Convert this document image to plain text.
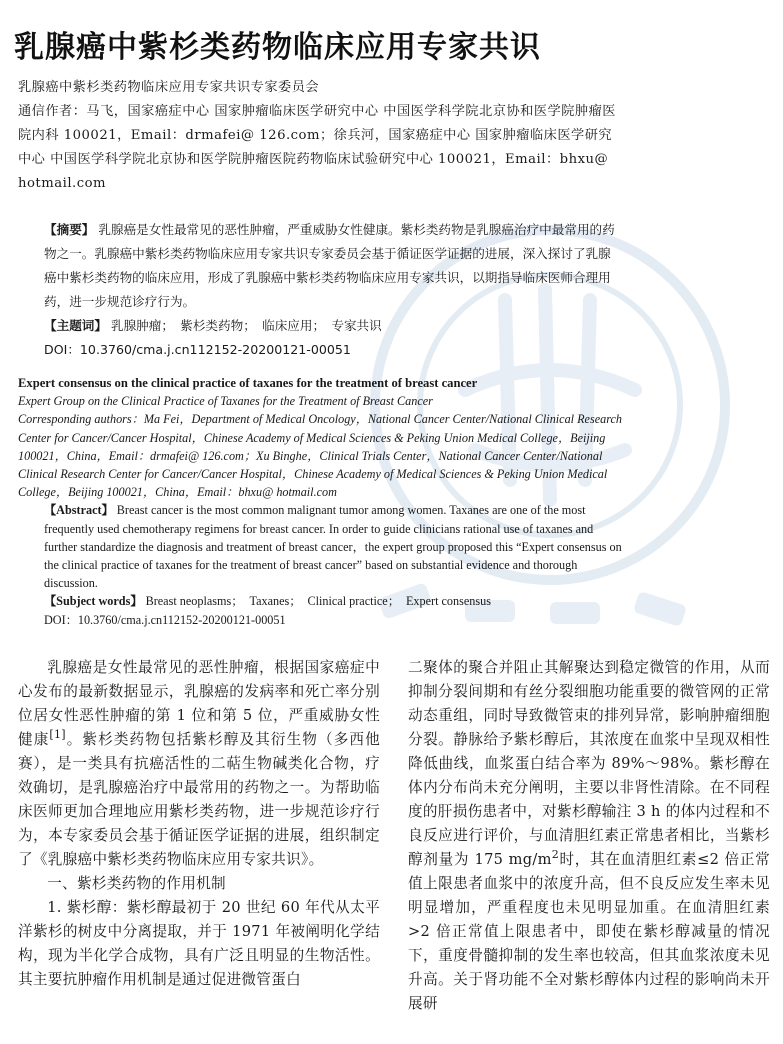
乳腺癌中紫杉类药物临床应用专家共识

乳腺癌中紫杉类药物临床应用专家共识专家委员会

通信作者：马飞，国家癌症中心 国家肿瘤临床医学研究中心 中国医学科学院北京协和医学院肿瘤医院内科 100021，Email：drmafei@ 126.com；徐兵河，国家癌症中心 国家肿瘤临床医学研究中心 中国医学科学院北京协和医学院肿瘤医院药物临床试验研究中心 100021，Email：bhxu@ hotmail.com

【摘要】 乳腺癌是女性最常见的恶性肿瘤，严重威胁女性健康。紫杉类药物是乳腺癌治疗中最常用的药物之一。乳腺癌中紫杉类药物临床应用专家共识专家委员会基于循证医学证据的进展，深入探讨了乳腺癌中紫杉类药物的临床应用，形成了乳腺癌中紫杉类药物临床应用专家共识，以期指导临床医师合理用药，进一步规范诊疗行为。

【主题词】 乳腺肿瘤；　紫杉类药物；　临床应用；　专家共识

DOI：10.3760/cma.j.cn112152-20200121-00051

Expert consensus on the clinical practice of taxanes for the treatment of breast cancer

Expert Group on the Clinical Practice of Taxanes for the Treatment of Breast Cancer

Corresponding authors：Ma Fei，Department of Medical Oncology，National Cancer Center/National Clinical Research Center for Cancer/Cancer Hospital，Chinese Academy of Medical Sciences & Peking Union Medical College，Beijing 100021，China，Email：drmafei@ 126.com；Xu Binghe，Clinical Trials Center，National Cancer Center/National Clinical Research Center for Cancer/Cancer Hospital，Chinese Academy of Medical Sciences & Peking Union Medical College，Beijing 100021，China，Email：bhxu@ hotmail.com

【Abstract】 Breast cancer is the most common malignant tumor among women. Taxanes are one of the most frequently used chemotherapy regimens for breast cancer. In order to guide clinicians rational use of taxanes and further standardize the diagnosis and treatment of breast cancer，the expert group proposed this “Expert consensus on the clinical practice of taxanes for the treatment of breast cancer” based on substantial evidence and thorough discussion.

【Subject words】 Breast neoplasms；　Taxanes；　Clinical practice；　Expert consensus

DOI：10.3760/cma.j.cn112152-20200121-00051

乳腺癌是女性最常见的恶性肿瘤，根据国家癌症中心发布的最新数据显示，乳腺癌的发病率和死亡率分别位居女性恶性肿瘤的第 1 位和第 5 位，严重威胁女性健康[1]。紫杉类药物包括紫杉醇及其衍生物（多西他赛），是一类具有抗癌活性的二萜生物碱类化合物，疗效确切，是乳腺癌治疗中最常用的药物之一。为帮助临床医师更加合理地应用紫杉类药物，进一步规范诊疗行为，本专家委员会基于循证医学证据的进展，组织制定了《乳腺癌中紫杉类药物临床应用专家共识》。

一、紫杉类药物的作用机制

1. 紫杉醇：紫杉醇最初于 20 世纪 60 年代从太平洋紫杉的树皮中分离提取，并于 1971 年被阐明化学结构，现为半化学合成物，具有广泛且明显的生物活性。其主要抗肿瘤作用机制是通过促进微管蛋白

二聚体的聚合并阻止其解聚达到稳定微管的作用，从而抑制分裂间期和有丝分裂细胞功能重要的微管网的正常动态重组，同时导致微管束的排列异常，影响肿瘤细胞分裂。静脉给予紫杉醇后，其浓度在血浆中呈现双相性降低曲线，血浆蛋白结合率为 89%～98%。紫杉醇在体内分布尚未充分阐明，主要以非肾性清除。在不同程度的肝损伤患者中，对紫杉醇输注 3 h 的体内过程和不良反应进行评价，与血清胆红素正常患者相比，当紫杉醇剂量为 175 $mg/m^2$时，其在血清胆红素≤2 倍正常值上限患者血浆中的浓度升高，但不良反应发生率未见明显增加，严重程度也未见明显加重。在血清胆红素>2 倍正常值上限患者中，即使在紫杉醇减量的情况下，重度骨髓抑制的发生率也较高，但其血浆浓度未见升高。关于肾功能不全对紫杉醇体内过程的影响尚未开展研
